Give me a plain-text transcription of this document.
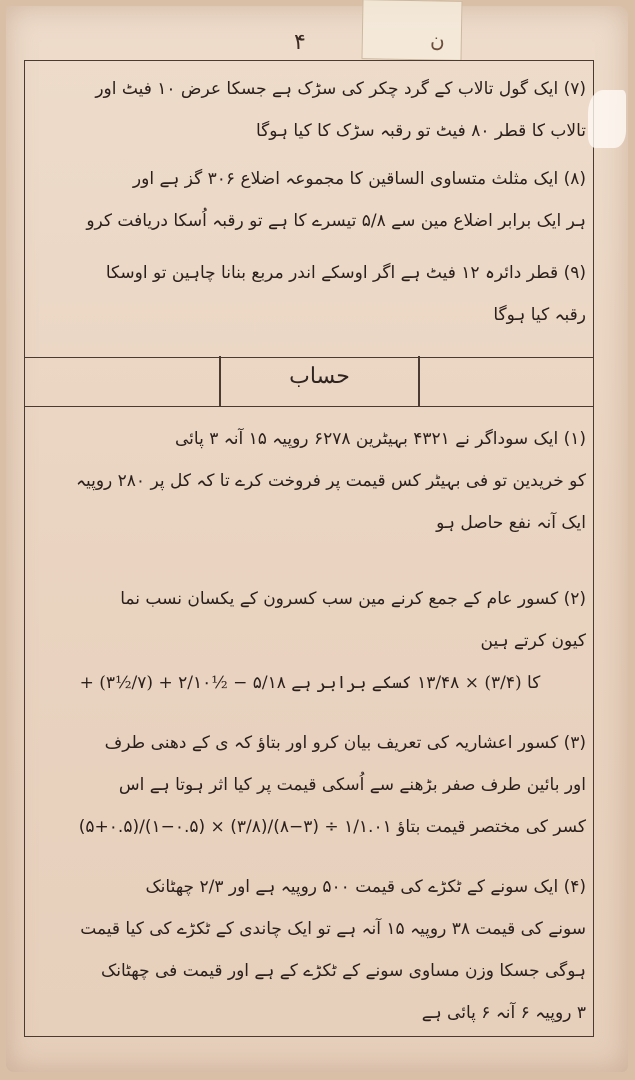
ن
۴
حساب
(۷) ایک گول تالاب کے گرد چکر کی سڑک ہے جسکا عرض ۱۰ فیٹ اور
تالاب کا قطر ۸۰ فیٹ تو رقبہ سڑک کا کیا ہوگا
(۸) ایک مثلث متساوی الساقین کا مجموعہ اضلاع ۳۰۶ گز ہے اور
ہر ایک برابر اضلاع مین سے ۵/۸ تیسرے کا ہے تو رقبہ اُسکا دریافت کرو
(۹) قطر دائرہ ۱۲ فیٹ ہے اگر اوسکے اندر مربع بنانا چاہین تو اوسکا
رقبہ کیا ہوگا
(۱) ایک سوداگر نے ۴۳۲۱ بہیٹرین ۶۲۷۸ روپیہ ۱۵ آنہ ۳ پائی
کو خریدین تو فی بہیٹر کس قیمت پر فروخت کرے تا کہ کل پر ۲۸۰ روپیہ
ایک آنہ نفع حاصل ہو
(۲) کسور عام کے جمع کرنے مین سب کسرون کے یکسان نسب نما
کیون کرتے ہین
+ (۳½/۷) + ۲/۱۰½ − ۵/۱۸ کا (۳/۴) × ۱۳/۴۸ کسکے برابر ہے
(۳) کسور اعشاریہ کی تعریف بیان کرو اور بتاؤ کہ ی کے دھنی طرف
اور بائین طرف صفر بڑھنے سے اُسکی قیمت پر کیا اثر ہوتا ہے اس
کسر کی مختصر قیمت بتاؤ ۱/۱.۰۱ ÷ (۳−۸)/(۳/۸) × (۰.۵−۱)/(۰.۵+۵)
(۴) ایک سونے کے ٹکڑے کی قیمت ۵۰۰ روپیہ ہے اور ۲/۳ چھٹانک
سونے کی قیمت ۳۸ روپیہ ۱۵ آنہ ہے تو ایک چاندی کے ٹکڑے کی کیا قیمت
ہوگی جسکا وزن مساوی سونے کے ٹکڑے کے ہے اور قیمت فی چھٹانک
۳ روپیہ ۶ آنہ ۶ پائی ہے
